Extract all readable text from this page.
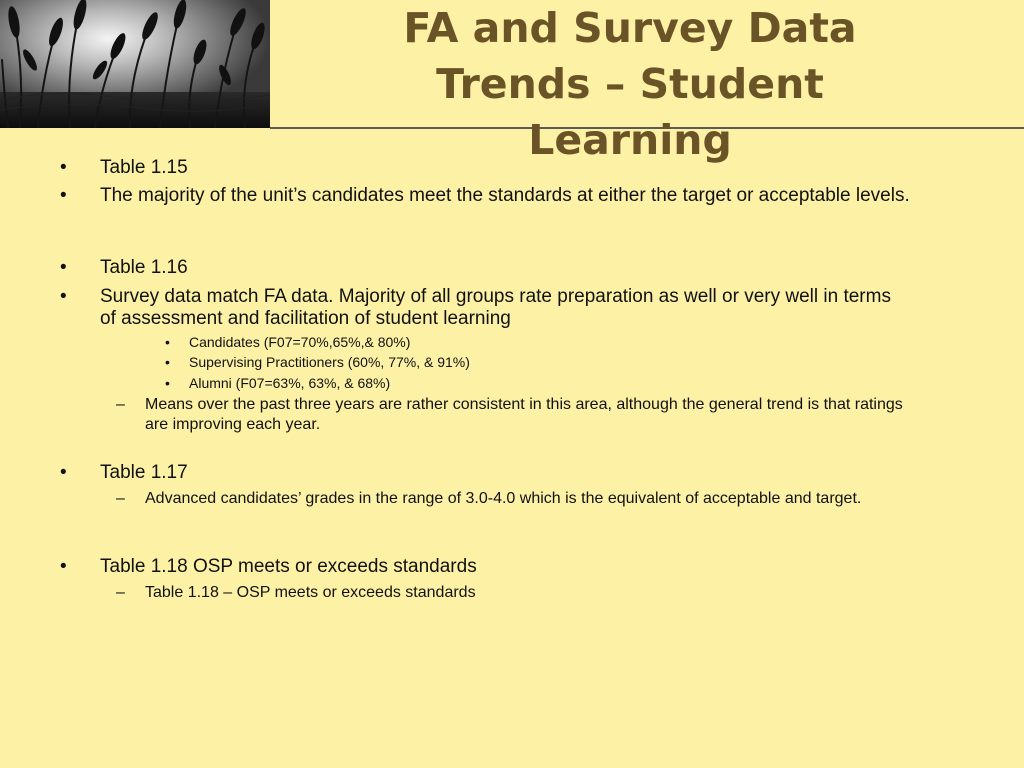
FA and Survey Data Trends – Student Learning
• Table 1.15
• The majority of the unit’s candidates meet the standards at either the target or acceptable levels.
• Table 1.16
• Survey data match FA data. Majority of all groups rate preparation as well or very well in terms of assessment and facilitation of student learning
• Candidates (F07=70%,65%,& 80%)
• Supervising Practitioners (60%, 77%, & 91%)
• Alumni (F07=63%, 63%, & 68%)
– Means over the past three years are rather consistent in this area, although the general trend is that ratings are improving each year.
• Table 1.17
– Advanced candidates’ grades in the range of 3.0-4.0 which is the equivalent of acceptable and target.
• Table 1.18 OSP meets or exceeds standards
– Table 1.18 – OSP meets or exceeds standards
